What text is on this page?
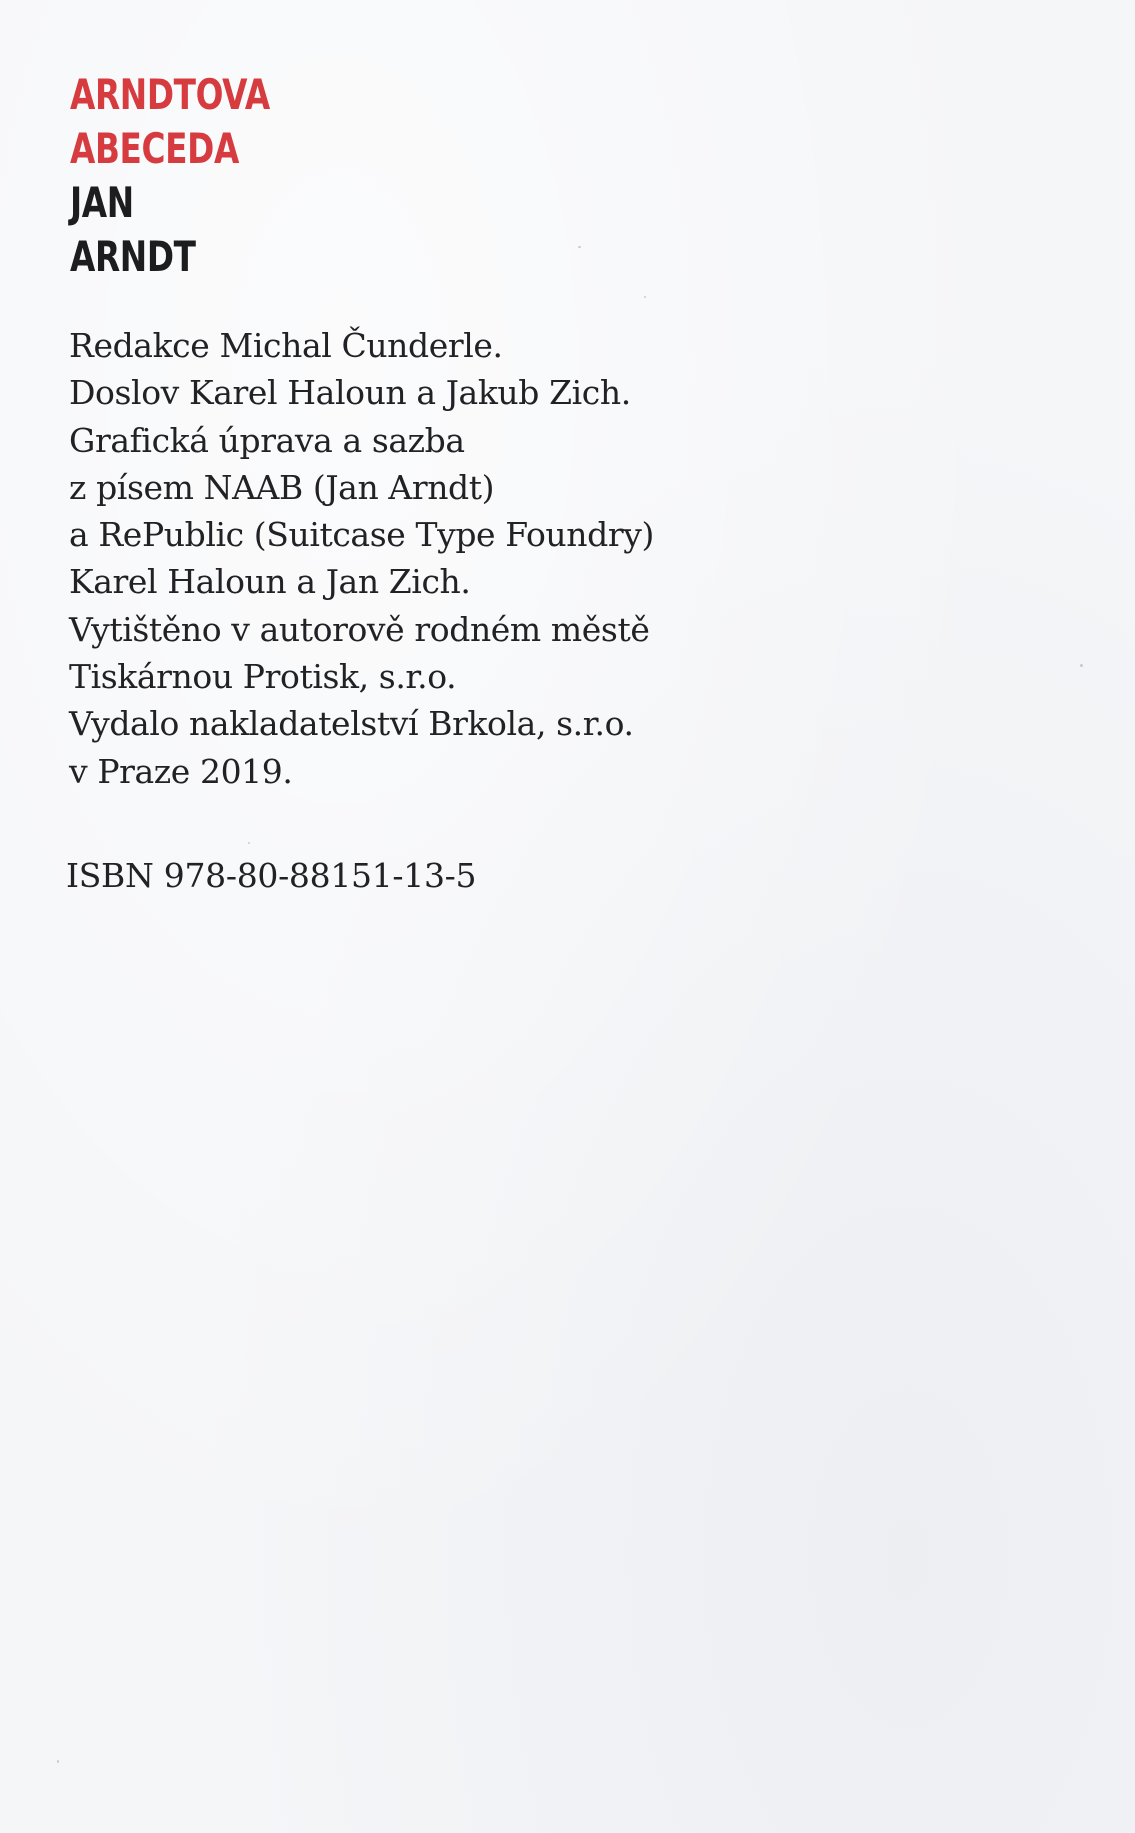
ARNDTOVA
ABECEDA
JAN
ARNDT
Redakce Michal Čunderle.
Doslov Karel Haloun a Jakub Zich.
Grafická úprava a sazba
z písem NAAB (Jan Arndt)
a RePublic (Suitcase Type Foundry)
Karel Haloun a Jan Zich.
Vytištěno v autorově rodném městě
Tiskárnou Protisk, s.r.o.
Vydalo nakladatelství Brkola, s.r.o.
v Praze 2019.
ISBN 978-80-88151-13-5
